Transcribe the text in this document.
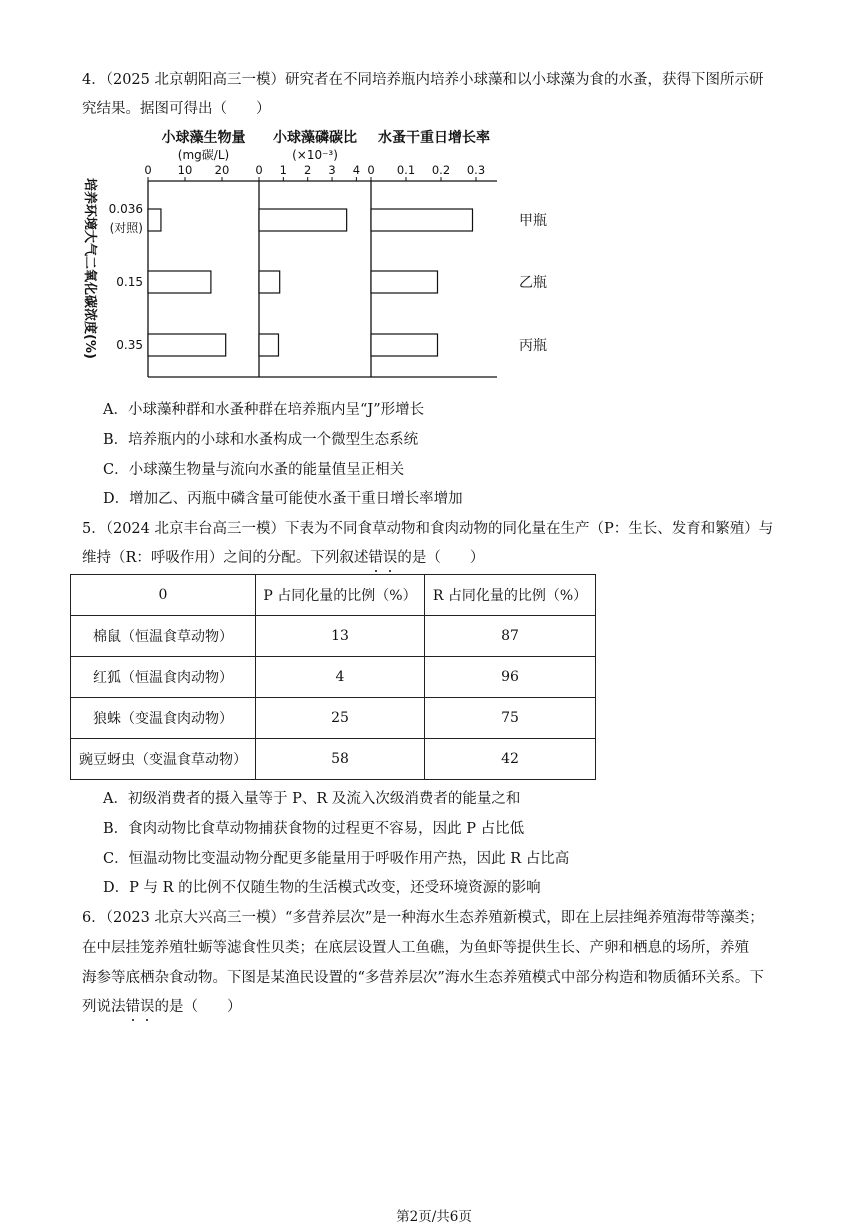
4．（2025 北京朝阳高三一模）研究者在不同培养瓶内培养小球藻和以小球藻为食的水蚤，获得下图所示研
究结果。据图可得出（　　）
培养环境大气二氧化碳浓度(%) 0.036
(对照)
0.15
0.35
甲瓶
乙瓶
丙瓶
小球藻生物量
(mg碳/L)
0 10 20
小球藻磷碳比
(×10⁻³)
0 1 2 3 4
水蚤干重日增长率
0 0.1 0.2 0.3
A．小球藻种群和水蚤种群在培养瓶内呈“J”形增长
B．培养瓶内的小球和水蚤构成一个微型生态系统
C．小球藻生物量与流向水蚤的能量值呈正相关
D．增加乙、丙瓶中磷含量可能使水蚤干重日增长率增加
5．（2024 北京丰台高三一模）下表为不同食草动物和食肉动物的同化量在生产（P：生长、发育和繁殖）与
维持（R：呼吸作用）之间的分配。下列叙述错误的是（　　）
0	P 占同化量的比例（%）	R 占同化量的比例（%）
棉鼠（恒温食草动物）	13	87
红狐（恒温食肉动物）	4	96
狼蛛（变温食肉动物）	25	75
豌豆蚜虫（变温食草动物）	58	42
A．初级消费者的摄入量等于 P、R 及流入次级消费者的能量之和
B．食肉动物比食草动物捕获食物的过程更不容易，因此 P 占比低
C．恒温动物比变温动物分配更多能量用于呼吸作用产热，因此 R 占比高
D．P 与 R 的比例不仅随生物的生活模式改变，还受环境资源的影响
6．（2023 北京大兴高三一模）“多营养层次”是一种海水生态养殖新模式，即在上层挂绳养殖海带等藻类；
在中层挂笼养殖牡蛎等滤食性贝类；在底层设置人工鱼礁，为鱼虾等提供生长、产卵和栖息的场所，养殖
海参等底栖杂食动物。下图是某渔民设置的“多营养层次”海水生态养殖模式中部分构造和物质循环关系。下
列说法错误的是（　　）
第2页/共6页
